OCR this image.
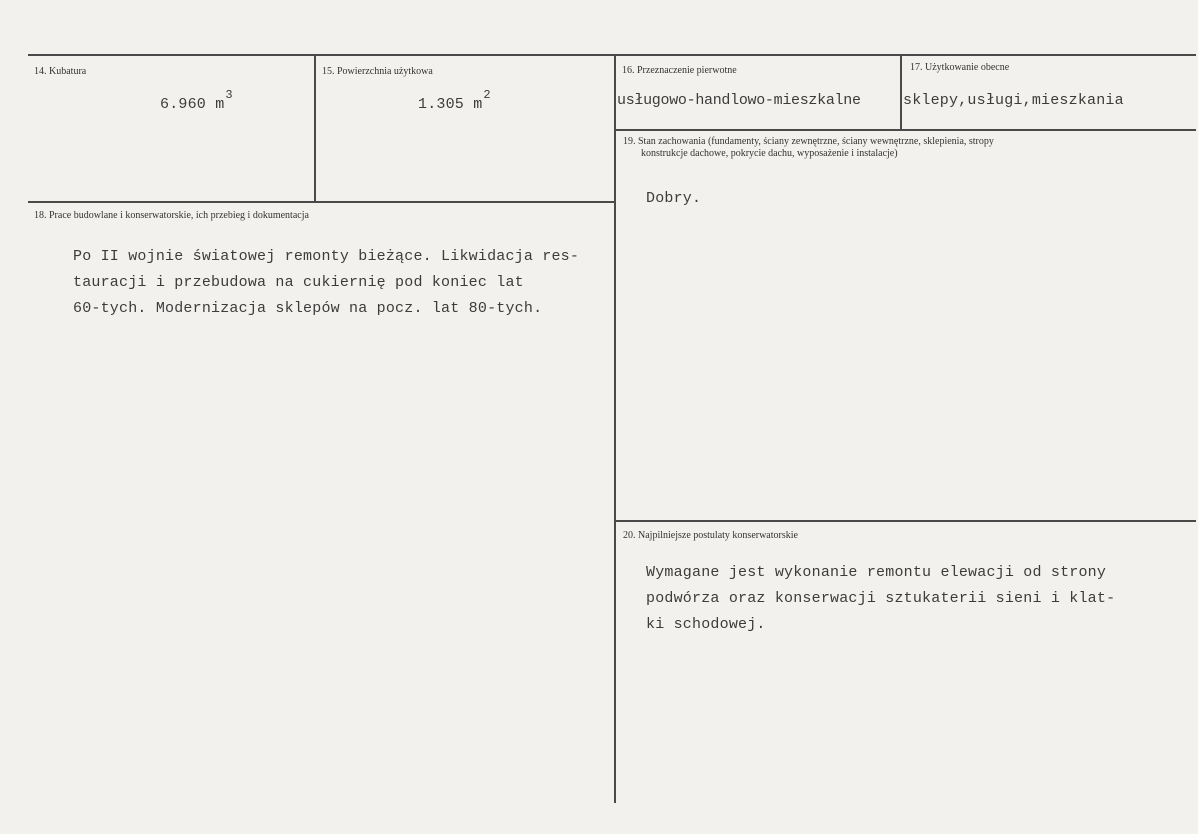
14. Kubatura
6.960 $m^3$
15. Powierzchnia użytkowa
1.305 $m^2$
16. Przeznaczenie pierwotne
usługowo-handlowo-mieszkalne
17. Użytkowanie obecne
sklepy,usługi,mieszkania
19. Stan zachowania (fundamenty, ściany zewnętrzne, ściany wewnętrzne, sklepienia, stropy
konstrukcje dachowe, pokrycie dachu, wyposażenie i instalacje)
Dobry.
18. Prace budowlane i konserwatorskie, ich przebieg i dokumentacja
Po II wojnie światowej remonty bieżące. Likwidacja res-
tauracji i przebudowa na cukiernię pod koniec lat
60-tych. Modernizacja sklepów na pocz. lat 80-tych.
20. Najpilniejsze postulaty konserwatorskie
Wymagane jest wykonanie remontu elewacji od strony
podwórza oraz konserwacji sztukaterii sieni i klat-
ki schodowej.
